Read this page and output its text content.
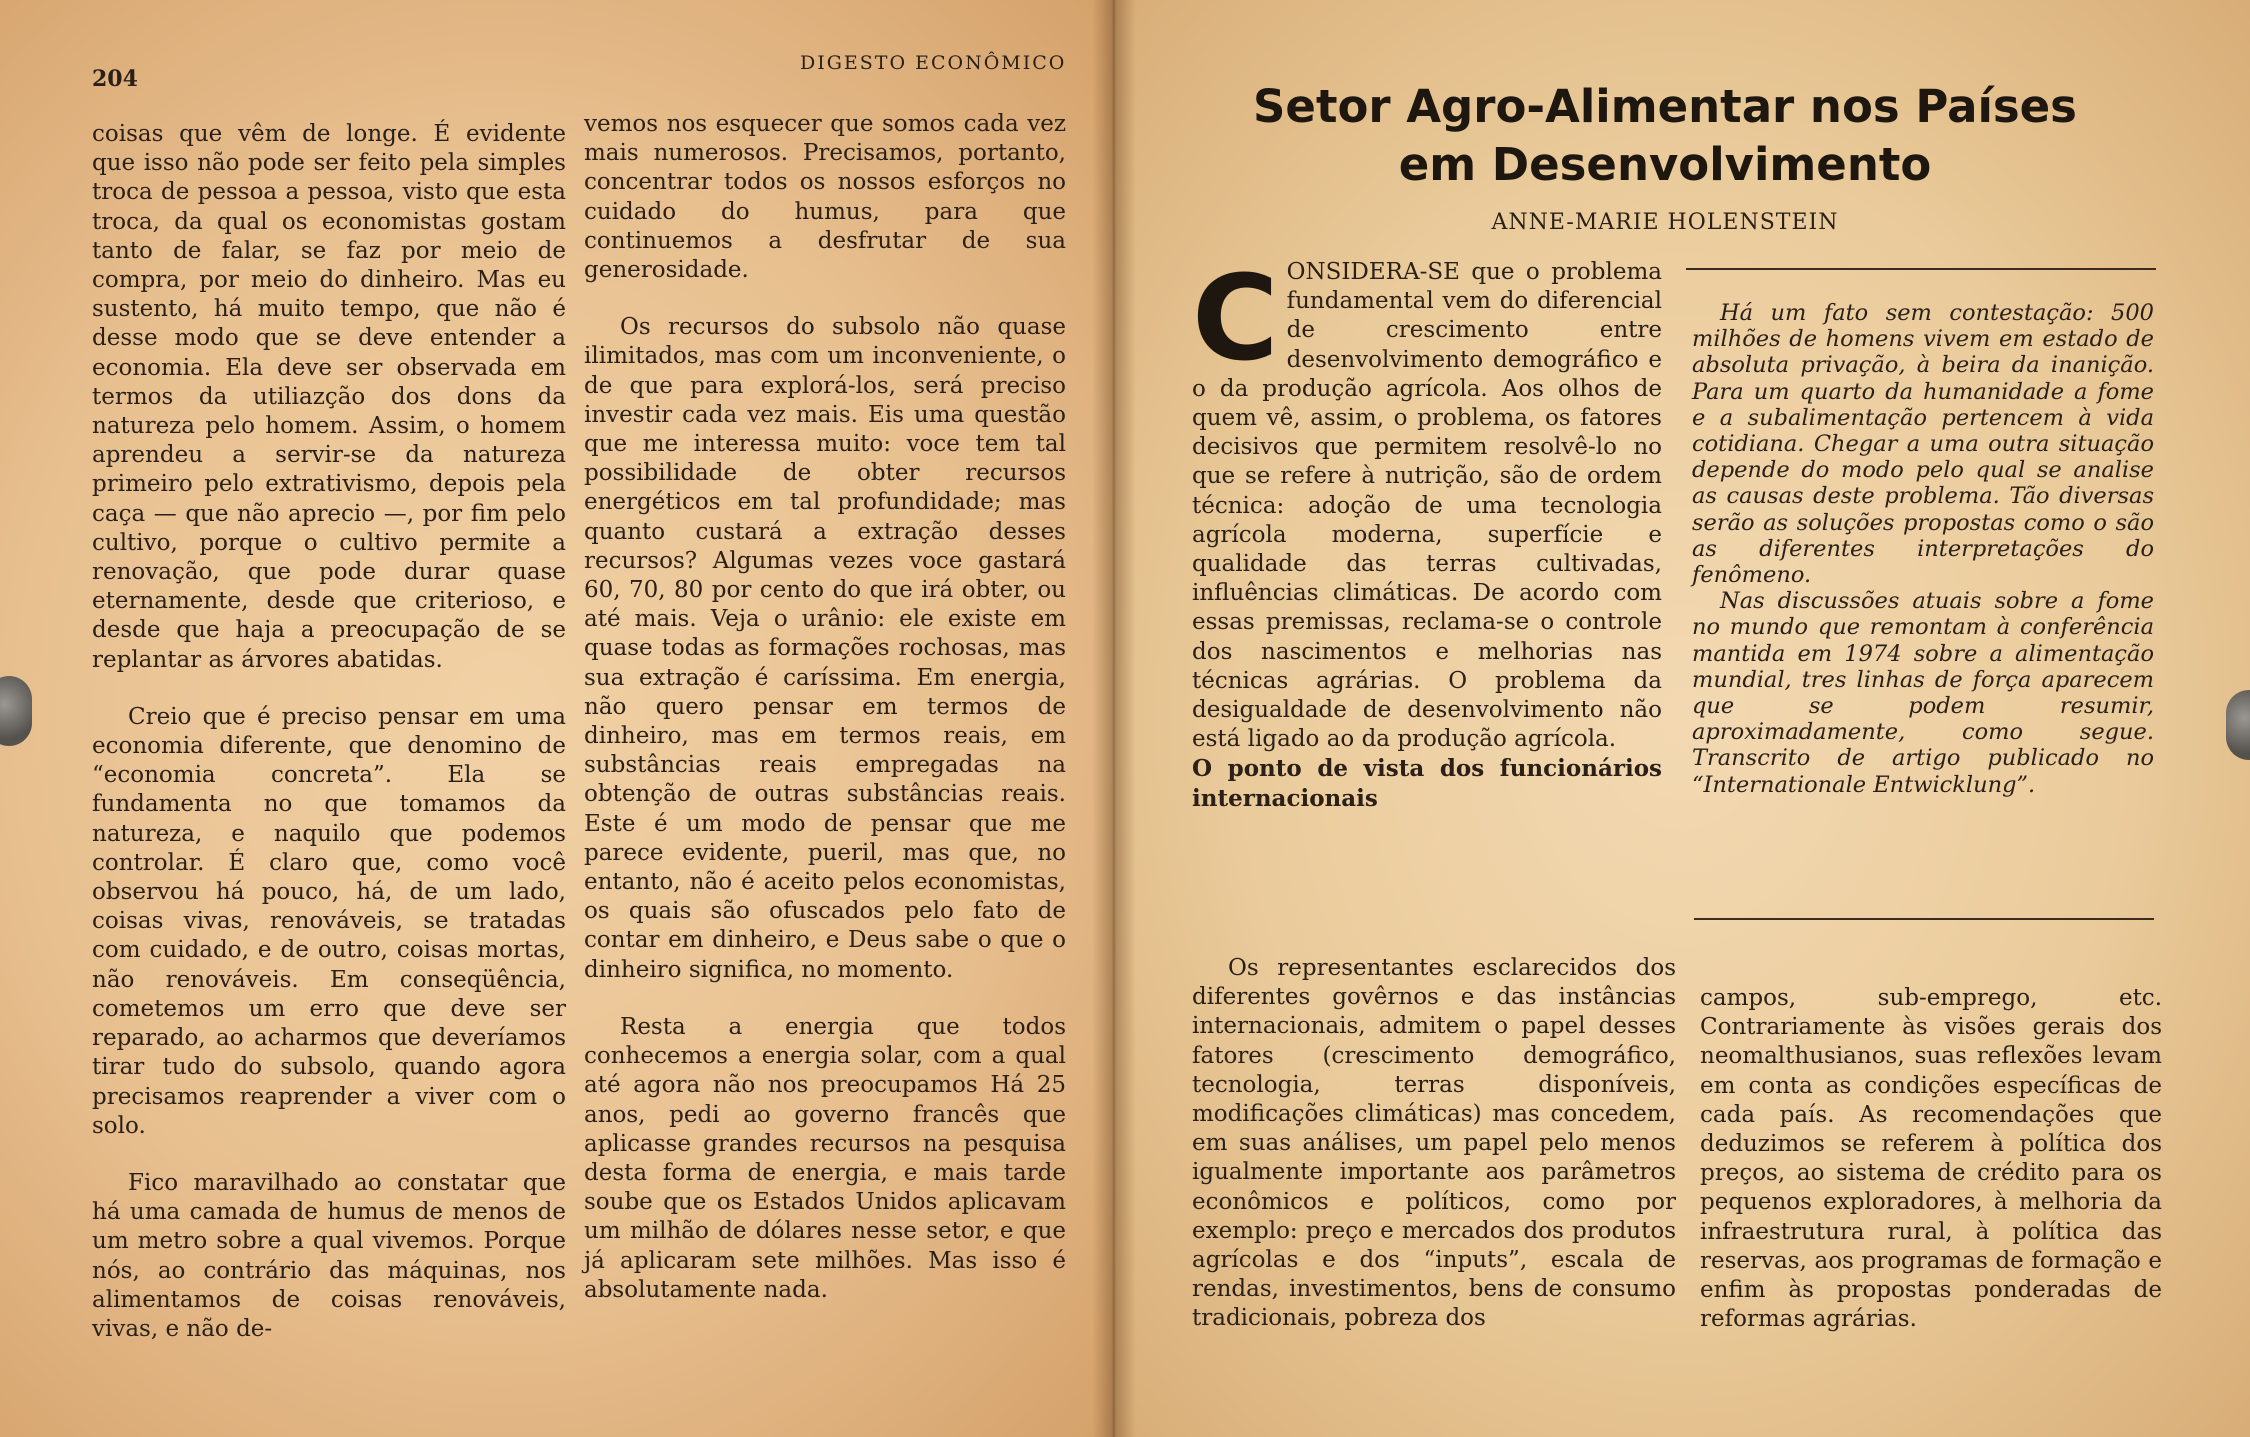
204
DIGESTO ECONÔMICO

coisas que vêm de longe. É evidente que isso não pode ser feito pela simples troca de pessoa a pessoa, visto que esta troca, da qual os economistas gostam tanto de falar, se faz por meio de compra, por meio do dinheiro. Mas eu sustento, há muito tempo, que não é desse modo que se deve entender a economia. Ela deve ser observada em termos da utiliazção dos dons da natureza pelo homem. Assim, o homem aprendeu a servir-se da natureza primeiro pelo extrativismo, depois pela caça — que não aprecio —, por fim pelo cultivo, porque o cultivo permite a renovação, que pode durar quase eternamente, desde que criterioso, e desde que haja a preocupação de se replantar as árvores abatidas.

Creio que é preciso pensar em uma economia diferente, que denomino de “economia concreta”. Ela se fundamenta no que tomamos da natureza, e naquilo que podemos controlar. É claro que, como você observou há pouco, há, de um lado, coisas vivas, renováveis, se tratadas com cuidado, e de outro, coisas mortas, não renováveis. Em conseqüência, cometemos um erro que deve ser reparado, ao acharmos que deveríamos tirar tudo do subsolo, quando agora precisamos reaprender a viver com o solo.

Fico maravilhado ao constatar que há uma camada de humus de menos de um metro sobre a qual vivemos. Porque nós, ao contrário das máquinas, nos alimentamos de coisas renováveis, vivas, e não de-

vemos nos esquecer que somos cada vez mais numerosos. Precisamos, portanto, concentrar todos os nossos esforços no cuidado do humus, para que continuemos a desfrutar de sua generosidade.

Os recursos do subsolo não quase ilimitados, mas com um inconveniente, o de que para explorá-los, será preciso investir cada vez mais. Eis uma questão que me interessa muito: voce tem tal possibilidade de obter recursos energéticos em tal profundidade; mas quanto custará a extração desses recursos? Algumas vezes voce gastará 60, 70, 80 por cento do que irá obter, ou até mais. Veja o urânio: ele existe em quase todas as formações rochosas, mas sua extração é caríssima. Em energia, não quero pensar em termos de dinheiro, mas em termos reais, em substâncias reais empregadas na obtenção de outras substâncias reais. Este é um modo de pensar que me parece evidente, pueril, mas que, no entanto, não é aceito pelos economistas, os quais são ofuscados pelo fato de contar em dinheiro, e Deus sabe o que o dinheiro significa, no momento.

Resta a energia que todos conhecemos a energia solar, com a qual até agora não nos preocupamos Há 25 anos, pedi ao governo francês que aplicasse grandes recursos na pesquisa desta forma de energia, e mais tarde soube que os Estados Unidos aplicavam um milhão de dólares nesse setor, e que já aplicaram sete milhões. Mas isso é absolutamente nada.

Setor Agro-Alimentar nos Países
em Desenvolvimento
ANNE-MARIE HOLENSTEIN

CONSIDERA-SE que o problema fundamental vem do diferencial de crescimento entre desenvolvimento demográfico e o da produção agrícola. Aos olhos de quem vê, assim, o problema, os fatores decisivos que permitem resolvê-lo no que se refere à nutrição, são de ordem técnica: adoção de uma tecnologia agrícola moderna, superfície e qualidade das terras cultivadas, influências climáticas. De acordo com essas premissas, reclama-se o controle dos nascimentos e melhorias nas técnicas agrárias. O problema da desigualdade de desenvolvimento não está ligado ao da produção agrícola.

O ponto de vista dos funcionários internacionais

Há um fato sem contestação: 500 milhões de homens vivem em estado de absoluta privação, à beira da inanição. Para um quarto da humanidade a fome e a subalimentação pertencem à vida cotidiana. Chegar a uma outra situação depende do modo pelo qual se analise as causas deste problema. Tão diversas serão as soluções propostas como o são as diferentes interpretações do fenômeno.

Nas discussões atuais sobre a fome no mundo que remontam à conferência mantida em 1974 sobre a alimentação mundial, tres linhas de força aparecem que se podem resumir, aproximadamente, como segue. Transcrito de artigo publicado no “Internationale Entwicklung”.

Os representantes esclarecidos dos diferentes govêrnos e das instâncias internacionais, admitem o papel desses fatores (crescimento demográfico, tecnologia, terras disponíveis, modificações climáticas) mas concedem, em suas análises, um papel pelo menos igualmente importante aos parâmetros econômicos e políticos, como por exemplo: preço e mercados dos produtos agrícolas e dos “inputs”, escala de rendas, investimentos, bens de consumo tradicionais, pobreza dos

campos, sub-emprego, etc. Contrariamente às visões gerais dos neomalthusianos, suas reflexões levam em conta as condições específicas de cada país. As recomendações que deduzimos se referem à política dos preços, ao sistema de crédito para os pequenos exploradores, à melhoria da infraestrutura rural, à política das reservas, aos programas de formação e enfim às propostas ponderadas de reformas agrárias.
